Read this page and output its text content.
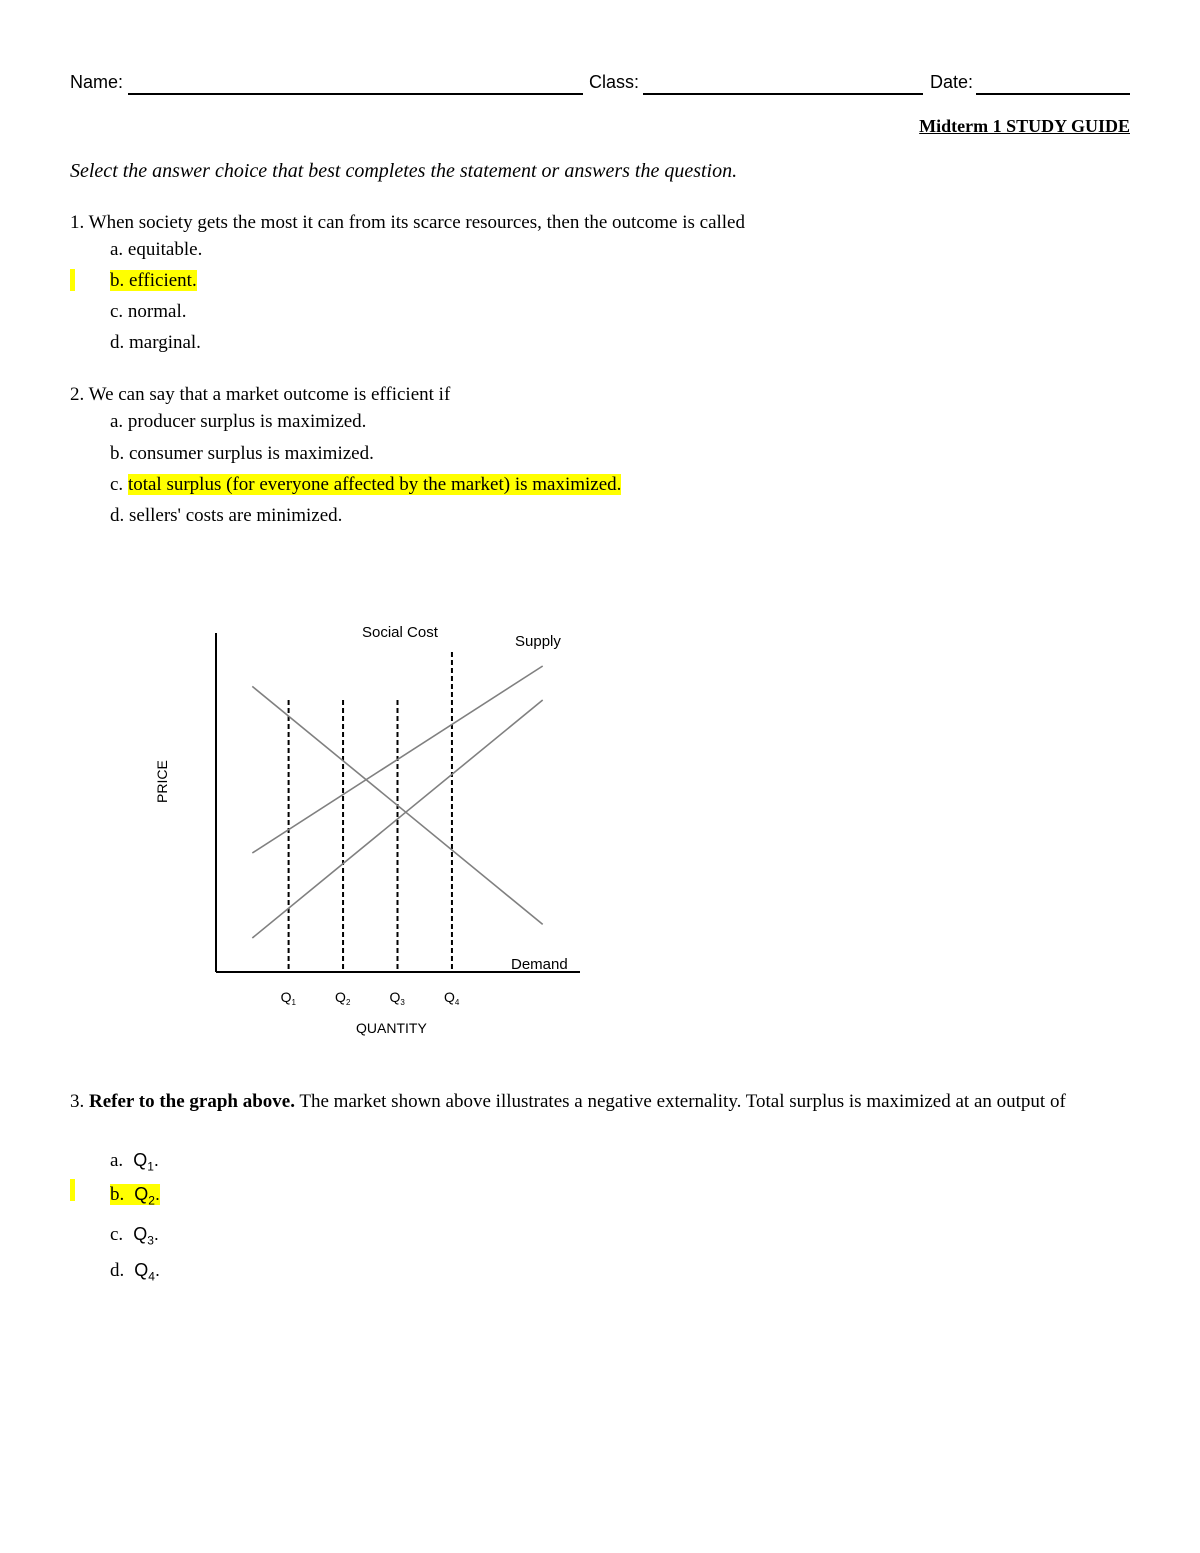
Name:	Class:	Date:
Midterm 1 STUDY GUIDE
Select the answer choice that best completes the statement or answers the question.
1. When society gets the most it can from its scarce resources, then the outcome is called
a. equitable.
b. efficient.
c. normal.
d. marginal.
2. We can say that a market outcome is efficient if
a. producer surplus is maximized.
b. consumer surplus is maximized.
c. total surplus (for everyone affected by the market) is maximized.
d. sellers' costs are minimized.
$Q_1$	$Q_2$	$Q_3$	$Q_4$
Social Cost
Supply
Demand
QUANTITY
PRICE
3. Refer to the graph above. The market shown above illustrates a negative externality. Total surplus is maximized at an output of
a. $Q_1$.
b. $Q_2$.
c. $Q_3$.
d. $Q_4$.
